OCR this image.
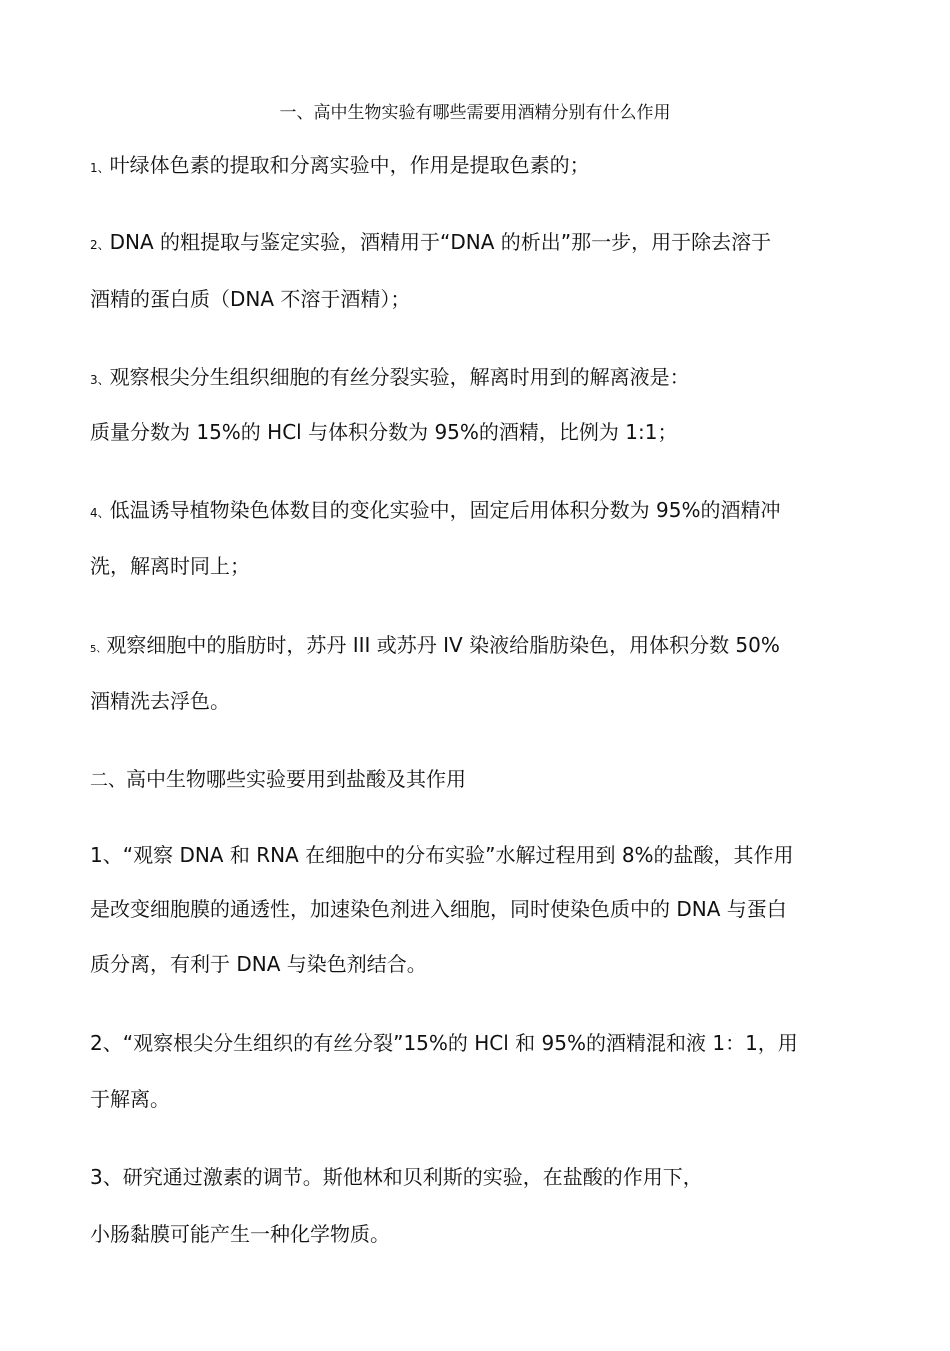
一、高中生物实验有哪些需要用酒精分别有什么作用
1、叶绿体色素的提取和分离实验中，作用是提取色素的；
2、DNA 的粗提取与鉴定实验，酒精用于“DNA 的析出”那一步，用于除去溶于
酒精的蛋白质（DNA 不溶于酒精）；
3、观察根尖分生组织细胞的有丝分裂实验，解离时用到的解离液是：
质量分数为 15%的 HCl 与体积分数为 95%的酒精，比例为 1:1；
4、低温诱导植物染色体数目的变化实验中，固定后用体积分数为 95%的酒精冲
洗，解离时同上；
5、观察细胞中的脂肪时，苏丹 III 或苏丹 IV 染液给脂肪染色，用体积分数 50%
酒精洗去浮色。
二、高中生物哪些实验要用到盐酸及其作用
1、“观察 DNA 和 RNA 在细胞中的分布实验”水解过程用到 8%的盐酸，其作用
是改变细胞膜的通透性，加速染色剂进入细胞，同时使染色质中的 DNA 与蛋白
质分离，有利于 DNA 与染色剂结合。
2、“观察根尖分生组织的有丝分裂”15%的 HCl 和 95%的酒精混和液 1：1，用
于解离。
3、研究通过激素的调节。斯他林和贝利斯的实验，在盐酸的作用下，
小肠黏膜可能产生一种化学物质。
